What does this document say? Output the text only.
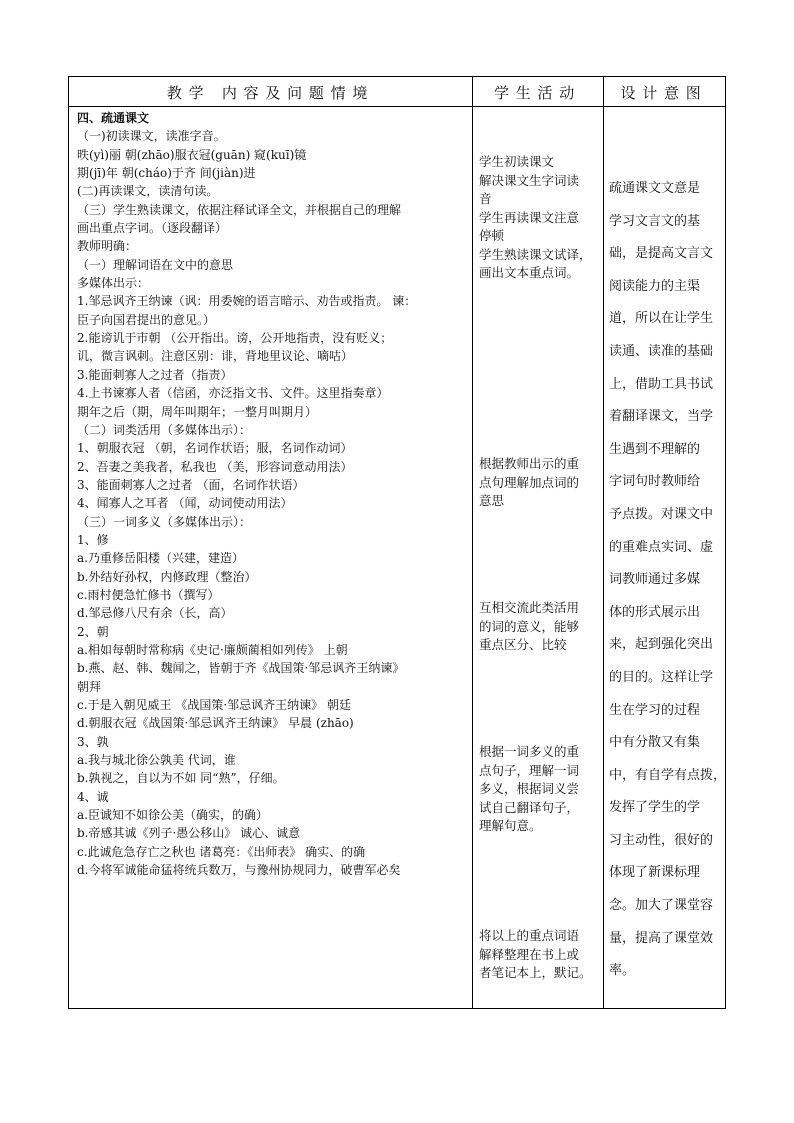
教学 内容及问题情境	学生活动	设计意图
四、疏通课文
（一)初读课文，读准字音。
昳(yì)丽 朝(zhāo)服衣冠(guān) 窥(kuī)镜
期(jī)年 朝(cháo)于齐 间(jiàn)进
(二)再读课文，读清句读。
（三）学生熟读课文，依据注释试译全文，并根据自己的理解
画出重点字词。（逐段翻译）
教师明确：
（一）理解词语在文中的意思
多媒体出示：
1.邹忌讽齐王纳谏（讽：用委婉的语言暗示、劝告或指责。 谏：
臣子向国君提出的意见。）
2.能谤讥于市朝 （公开指出。谤，公开地指责，没有贬义；
讥，微言讽刺。注意区别：诽，背地里议论、嘀咕）
3.能面刺寡人之过者（指责）
4.上书谏寡人者（信函，亦泛指文书、文件。这里指奏章）
期年之后（期，周年叫期年；一整月叫期月）
（二）词类活用（多媒体出示）：
1、朝服衣冠 （朝，名词作状语；服，名词作动词）
2、吾妻之美我者，私我也 （美，形容词意动用法）
3、能面刺寡人之过者 （面，名词作状语）
4、闻寡人之耳者 （闻，动词使动用法）
（三）一词多义（多媒体出示）：
1、修
a.乃重修岳阳楼（兴建，建造）
b.外结好孙权，内修政理（整治）
c.雨村便急忙修书（撰写）
d.邹忌修八尺有余（长，高）
2、朝
a.相如每朝时常称病《史记·廉颇蔺相如列传》 上朝
b.燕、赵、韩、魏闻之，皆朝于齐《战国策·邹忌讽齐王纳谏》
朝拜
c.于是入朝见威王 《战国策·邹忌讽齐王纳谏》 朝廷
d.朝服衣冠《战国策·邹忌讽齐王纳谏》 早晨 (zhāo)
3、孰
a.我与城北徐公孰美 代词，谁
b.孰视之，自以为不如 同“熟”，仔细。
4、诚
a.臣诚知不如徐公美（确实，的确）
b.帝感其诚《列子·愚公移山》 诚心、诚意
c.此诚危急存亡之秋也 诸葛亮：《出师表》 确实、的确
d.今将军诚能命猛将统兵数万，与豫州协规同力，破曹军必矣
学生初读课文
解决课文生字词读
音
学生再读课文注意
停顿
学生熟读课文试译，
画出文本重点词。
根据教师出示的重
点句理解加点词的
意思
互相交流此类活用
的词的意义，能够
重点区分、比较
根据一词多义的重
点句子，理解一词
多义，根据词义尝
试自己翻译句子，
理解句意。
将以上的重点词语
解释整理在书上或
者笔记本上，默记。
疏通课文文意是
学习文言文的基
础，是提高文言文
阅读能力的主渠
道，所以在让学生
读通、读准的基础
上，借助工具书试
着翻译课文，当学
生遇到不理解的
字词句时教师给
予点拨。对课文中
的重难点实词、虚
词教师通过多媒
体的形式展示出
来，起到强化突出
的目的。这样让学
生在学习的过程
中有分散又有集
中，有自学有点拨，
发挥了学生的学
习主动性，很好的
体现了新课标理
念。加大了课堂容
量，提高了课堂效
率。
